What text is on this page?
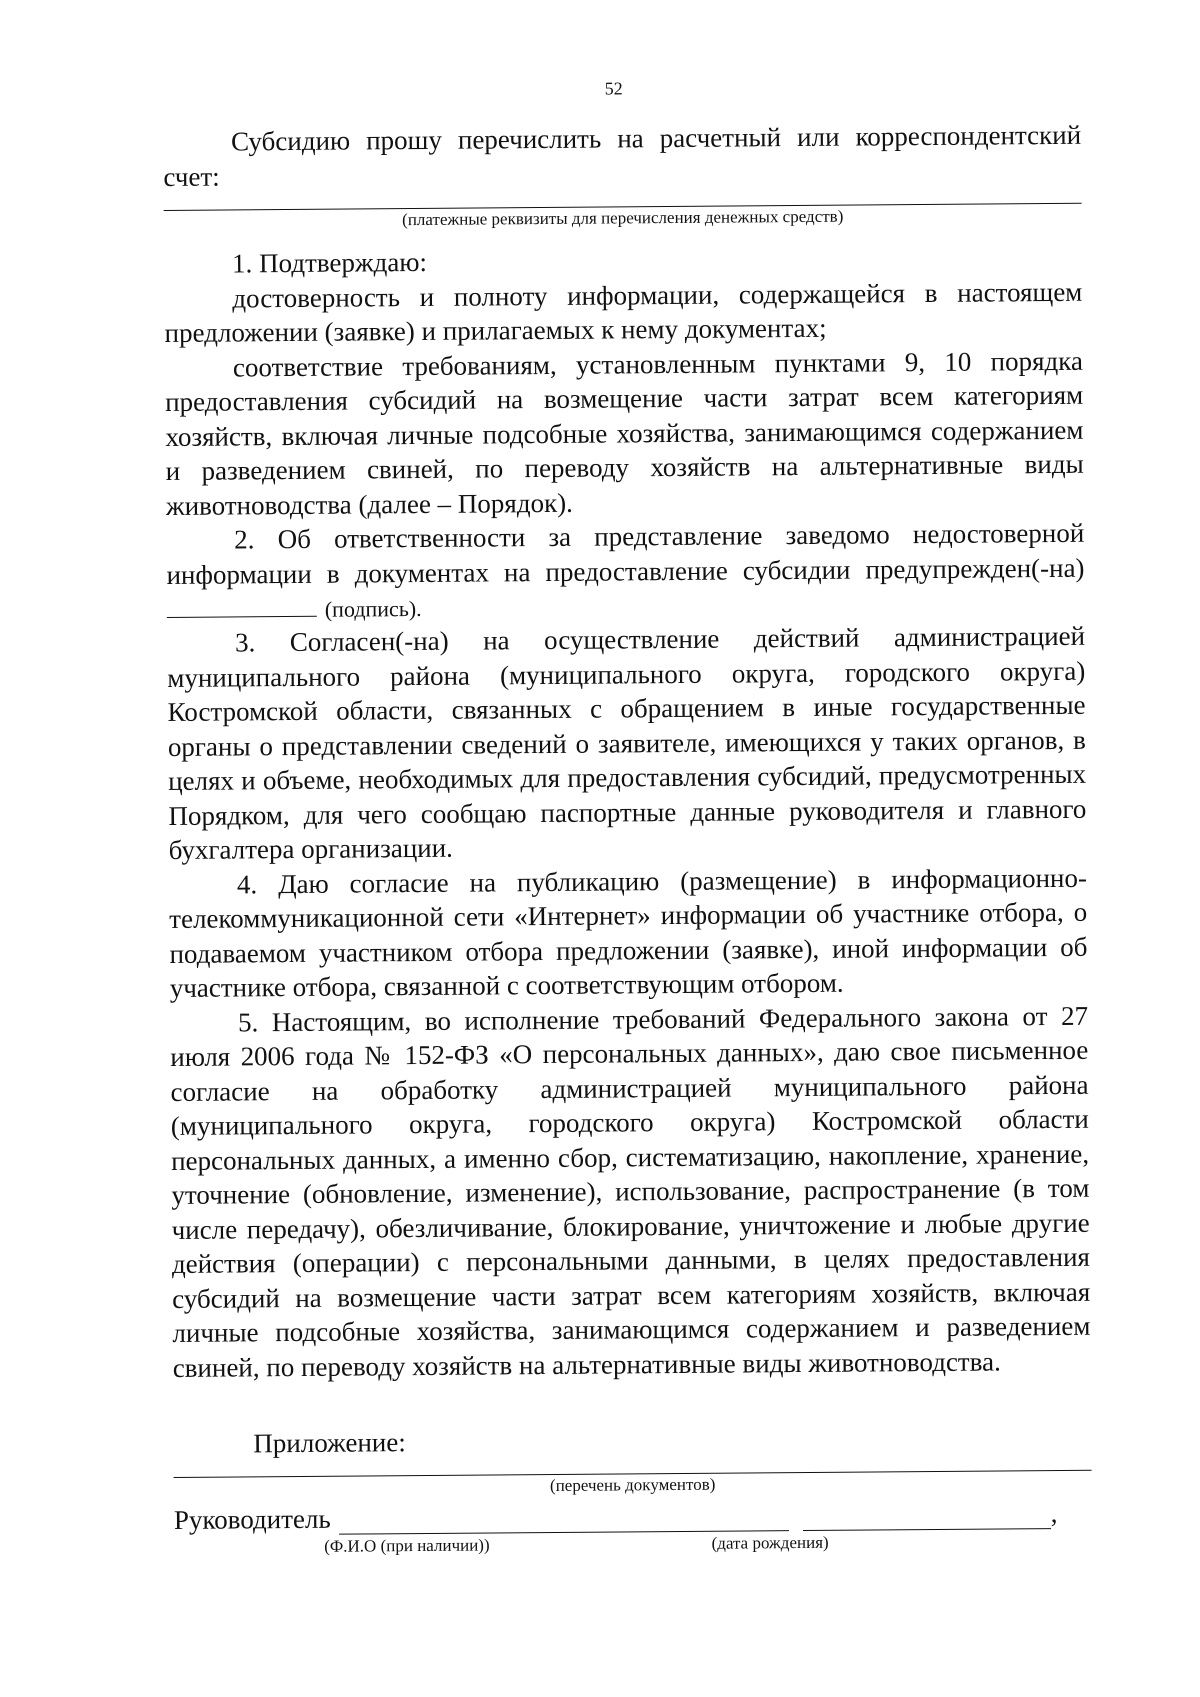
52

Субсидию прошу перечислить на расчетный или корреспондентский счет:

(платежные реквизиты для перечисления денежных средств)

1. Подтверждаю:

достоверность и полноту информации, содержащейся в настоящем предложении (заявке) и прилагаемых к нему документах;

соответствие требованиям, установленным пунктами 9, 10 порядка предоставления субсидий на возмещение части затрат всем категориям хозяйств, включая личные подсобные хозяйства, занимающимся содержанием и разведением свиней, по переводу хозяйств на альтернативные виды животноводства (далее – Порядок).

2. Об ответственности за представление заведомо недостоверной информации в документах на предоставление субсидии предупрежден(-на)

(подпись).

3. Согласен(-на) на осуществление действий администрацией муниципального района (муниципального округа, городского округа) Костромской области, связанных с обращением в иные государственные органы о представлении сведений о заявителе, имеющихся у таких органов, в целях и объеме, необходимых для предоставления субсидий, предусмотренных Порядком, для чего сообщаю паспортные данные руководителя и главного бухгалтера организации.

4. Даю согласие на публикацию (размещение) в информационно-телекоммуникационной сети «Интернет» информации об участнике отбора, о подаваемом участником отбора предложении (заявке), иной информации об участнике отбора, связанной с соответствующим отбором.

5. Настоящим, во исполнение требований Федерального закона от 27 июля 2006 года № 152-ФЗ «О персональных данных», даю свое письменное согласие на обработку администрацией муниципального района (муниципального округа, городского округа) Костромской области персональных данных, а именно сбор, систематизацию, накопление, хранение, уточнение (обновление, изменение), использование, распространение (в том числе передачу), обезличивание, блокирование, уничтожение и любые другие действия (операции) с персональными данными, в целях предоставления субсидий на возмещение части затрат всем категориям хозяйств, включая личные подсобные хозяйства, занимающимся содержанием и разведением свиней, по переводу хозяйств на альтернативные виды животноводства.

Приложение:

(перечень документов)

Руководитель	,
(Ф.И.О (при наличии))	(дата рождения)
